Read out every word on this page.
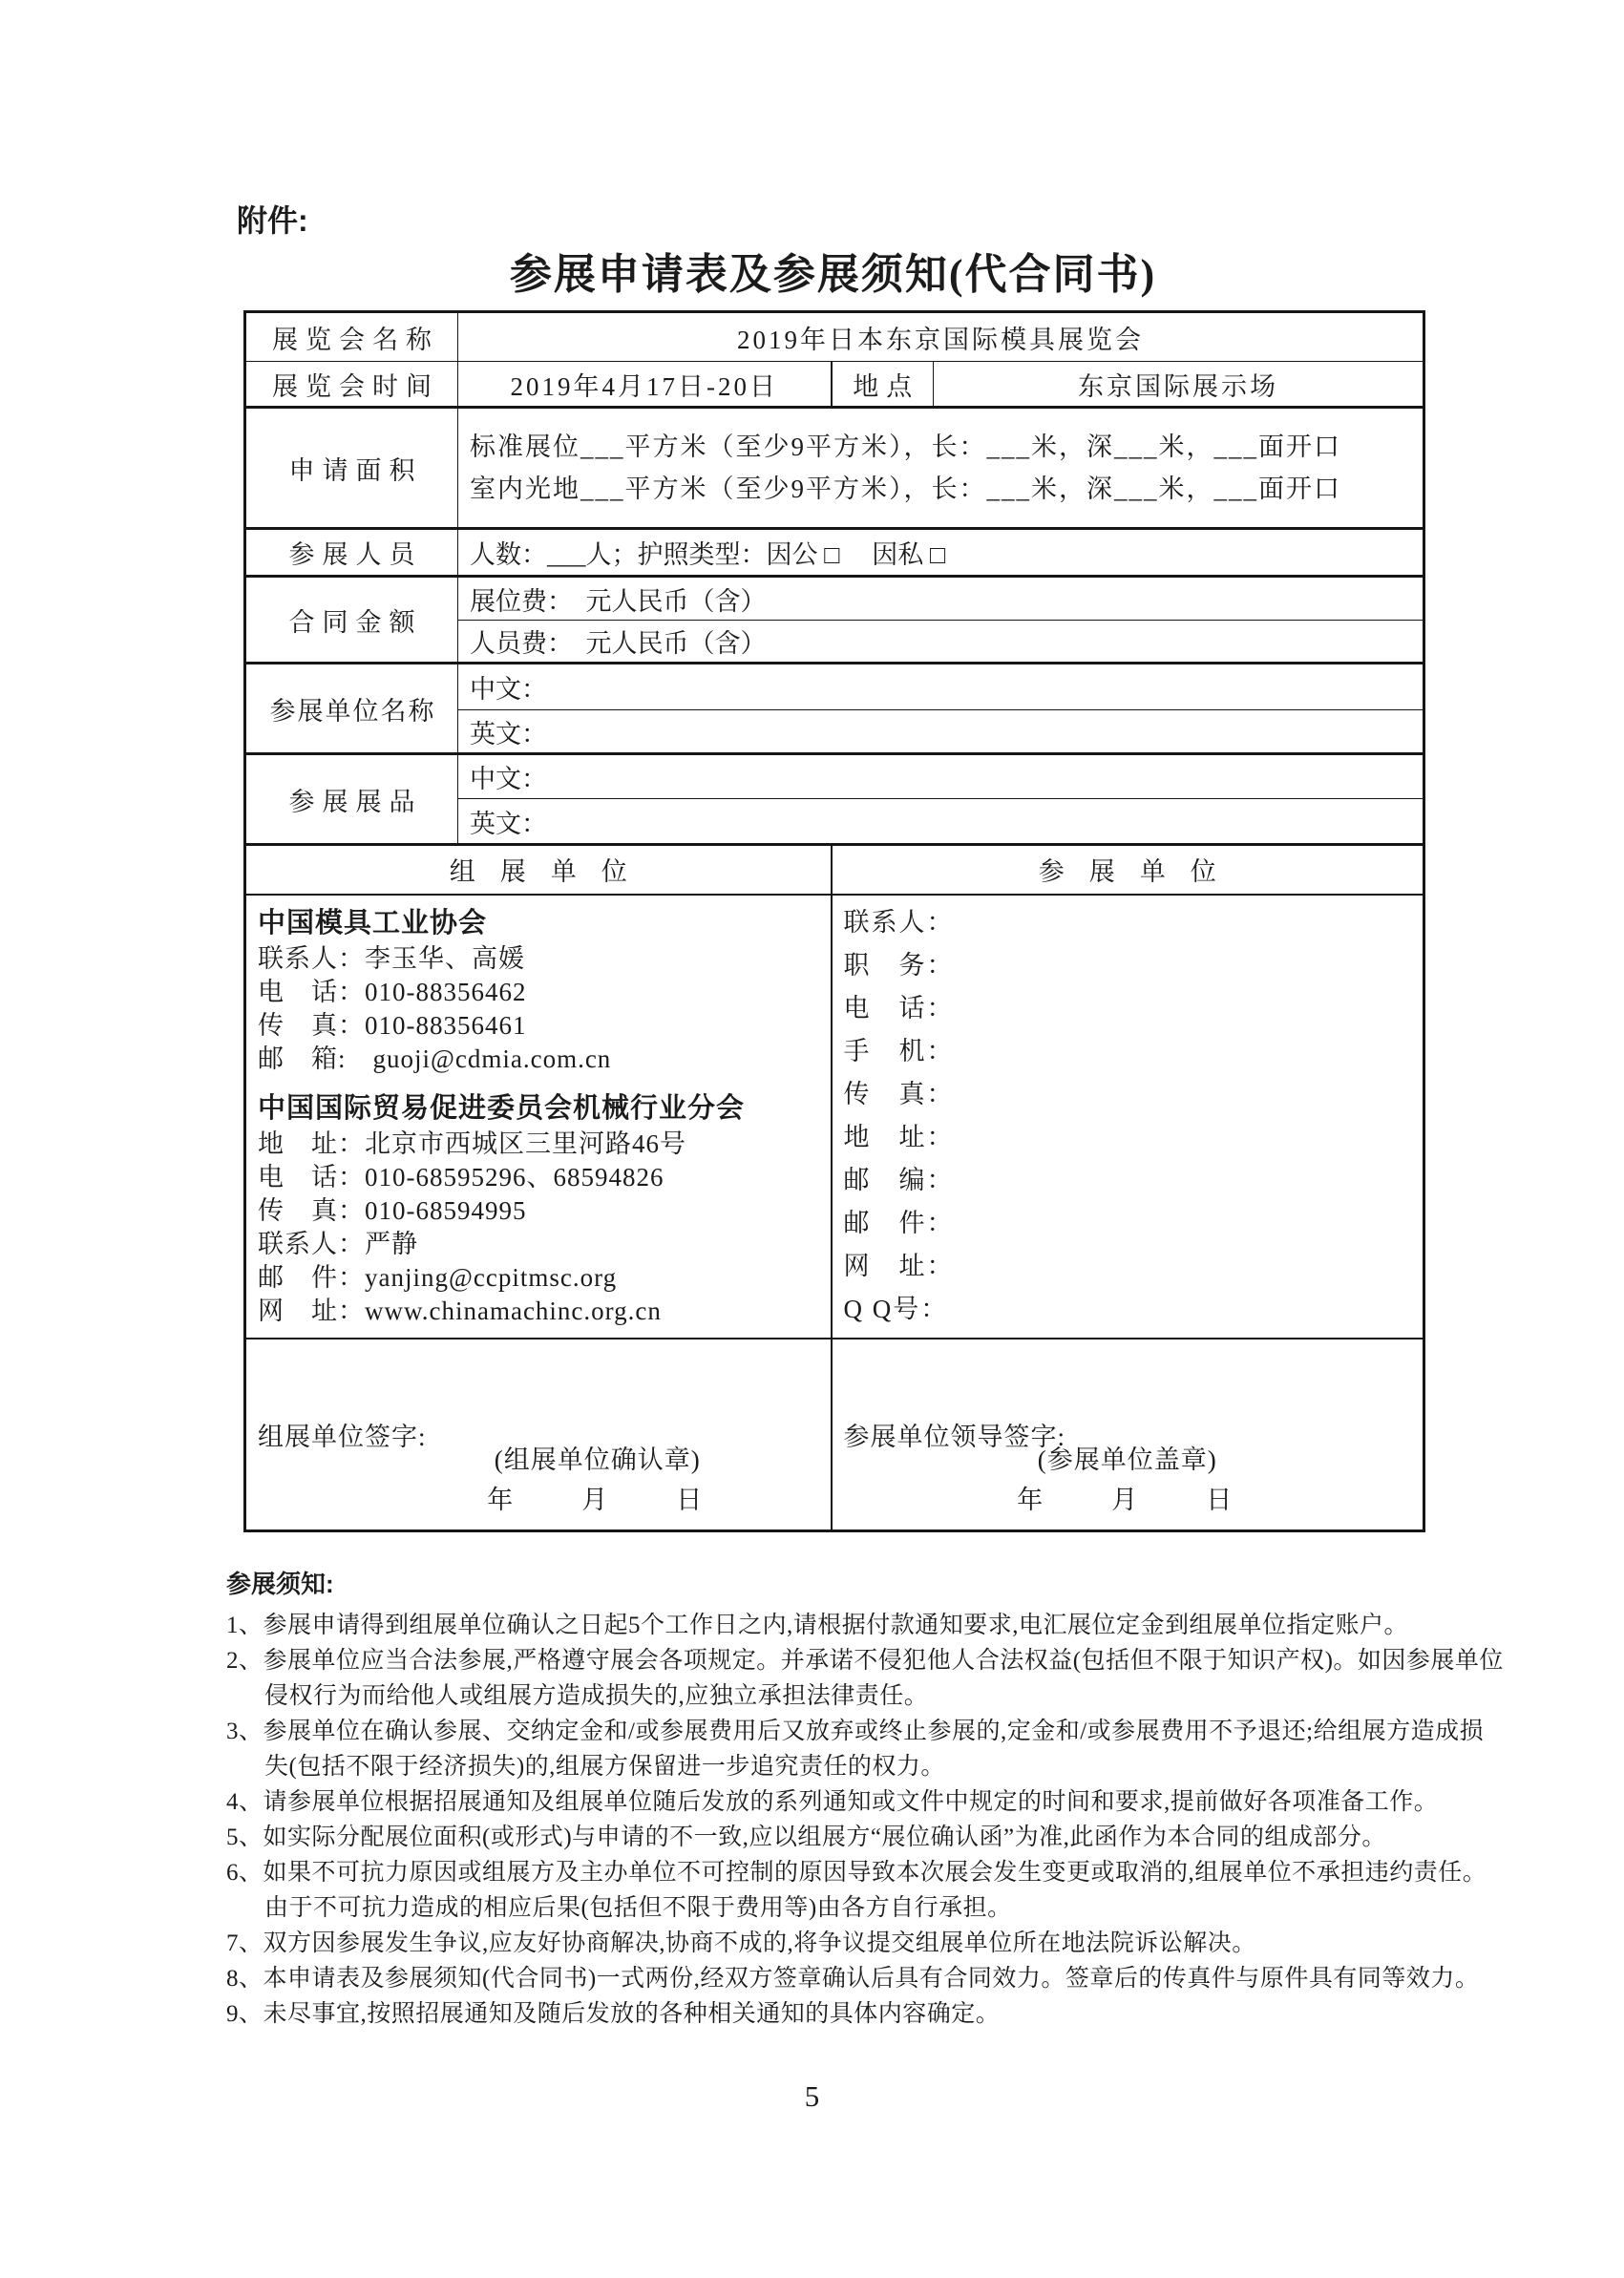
附件:
参展申请表及参展须知(代合同书)
展览会名称	2019年日本东京国际模具展览会		
展览会时间	2019年4月17日-20日	地点	东京国际展示场
申请面积	标准展位___平方米（至少9平方米），长：___米，深___米，___面开口
室内光地___平方米（至少9平方米），长：___米，深___米，___面开口		

参展人员	人数：___人；护照类型：因公 □　 因私 □		
合同金额	展位费：　元人民币（含）		
	人员费：　元人民币（含）		
参展单位名称	中文：		
	英文：		
参展展品	中文：		
	英文：		
组展单位		参展单位	

中国模具工业协会
联系人：李玉华、高媛
电　话：010-88356462
传　真：010-88356461
邮　箱:　guoji@cdmia.com.cn
中国国际贸易促进委员会机械行业分会
地　址：北京市西城区三里河路46号
电　话：010-68595296、68594826
传　真：010-68594995
联系人：严静
邮　件：yanjing@ccpitmsc.org
网　址：www.chinamachinc.org.cn

联系人：
职　务：
电　话：
手　机：
传　真：
地　址：
邮　编：
邮　件：
网　址：
Q Q号：

组展单位签字:
(组展单位确认章)
年　　月　　日

参展单位领导签字:
(参展单位盖章)
年　　月　　日
参展须知:
1、参展申请得到组展单位确认之日起5个工作日之内,请根据付款通知要求,电汇展位定金到组展单位指定账户。
2、参展单位应当合法参展,严格遵守展会各项规定。并承诺不侵犯他人合法权益(包括但不限于知识产权)。如因参展单位侵权行为而给他人或组展方造成损失的,应独立承担法律责任。
3、参展单位在确认参展、交纳定金和/或参展费用后又放弃或终止参展的,定金和/或参展费用不予退还;给组展方造成损失(包括不限于经济损失)的,组展方保留进一步追究责任的权力。
4、请参展单位根据招展通知及组展单位随后发放的系列通知或文件中规定的时间和要求,提前做好各项准备工作。
5、如实际分配展位面积(或形式)与申请的不一致,应以组展方“展位确认函”为准,此函作为本合同的组成部分。
6、如果不可抗力原因或组展方及主办单位不可控制的原因导致本次展会发生变更或取消的,组展单位不承担违约责任。由于不可抗力造成的相应后果(包括但不限于费用等)由各方自行承担。
7、双方因参展发生争议,应友好协商解决,协商不成的,将争议提交组展单位所在地法院诉讼解决。
8、本申请表及参展须知(代合同书)一式两份,经双方签章确认后具有合同效力。签章后的传真件与原件具有同等效力。
9、未尽事宜,按照招展通知及随后发放的各种相关通知的具体内容确定。
5
